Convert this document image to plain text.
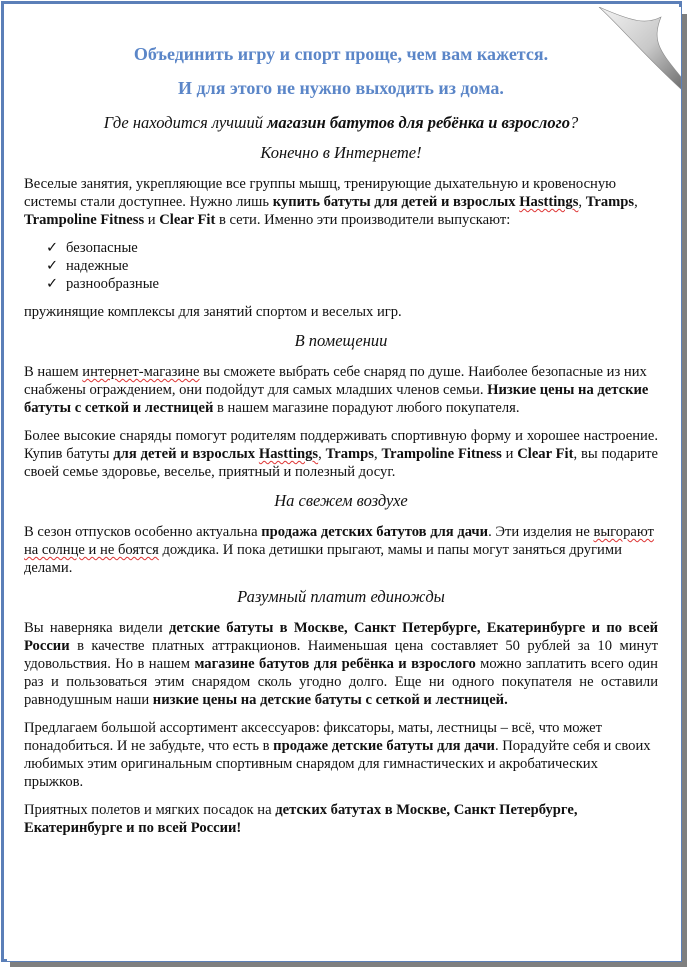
Объединить игру и спорт проще, чем вам кажется.
И для этого не нужно выходить из дома.
Где находится лучший магазин батутов для ребёнка и взрослого?
Конечно в Интернете!

Веселые занятия, укрепляющие все группы мышц, тренирующие дыхательную и кровеносную системы стали доступнее. Нужно лишь купить батуты для детей и взрослых Hasttings, Tramps, Trampoline Fitness и Clear Fit в сети. Именно эти производители выпускают:

✓ безопасные
✓ надежные
✓ разнообразные

пружинящие комплексы для занятий спортом и веселых игр.

В помещении

В нашем интернет-магазине вы сможете выбрать себе снаряд по душе. Наиболее безопасные из них снабжены ограждением, они подойдут для самых младших членов семьи. Низкие цены на детские батуты с сеткой и лестницей в нашем магазине порадуют любого покупателя.

Более высокие снаряды помогут родителям поддерживать спортивную форму и хорошее настроение. Купив батуты для детей и взрослых Hasttings, Tramps, Trampoline Fitness и Clear Fit, вы подарите своей семье здоровье, веселье, приятный и полезный досуг.

На свежем воздухе

В сезон отпусков особенно актуальна продажа детских батутов для дачи. Эти изделия не выгорают на солнце и не боятся дождика. И пока детишки прыгают, мамы и папы могут заняться другими делами.

Разумный платит единожды

Вы наверняка видели детские батуты в Москве, Санкт Петербурге, Екатеринбурге и по всей России в качестве платных аттракционов. Наименьшая цена составляет 50 рублей за 10 минут удовольствия. Но в нашем магазине батутов для ребёнка и взрослого можно заплатить всего один раз и пользоваться этим снарядом сколь угодно долго. Еще ни одного покупателя не оставили равнодушным наши низкие цены на детские батуты с сеткой и лестницей.

Предлагаем большой ассортимент аксессуаров: фиксаторы, маты, лестницы – всё, что может понадобиться. И не забудьте, что есть в продаже детские батуты для дачи. Порадуйте себя и своих любимых этим оригинальным спортивным снарядом для гимнастических и акробатических прыжков.

Приятных полетов и мягких посадок на детских батутах в Москве, Санкт Петербурге, Екатеринбурге и по всей России!
